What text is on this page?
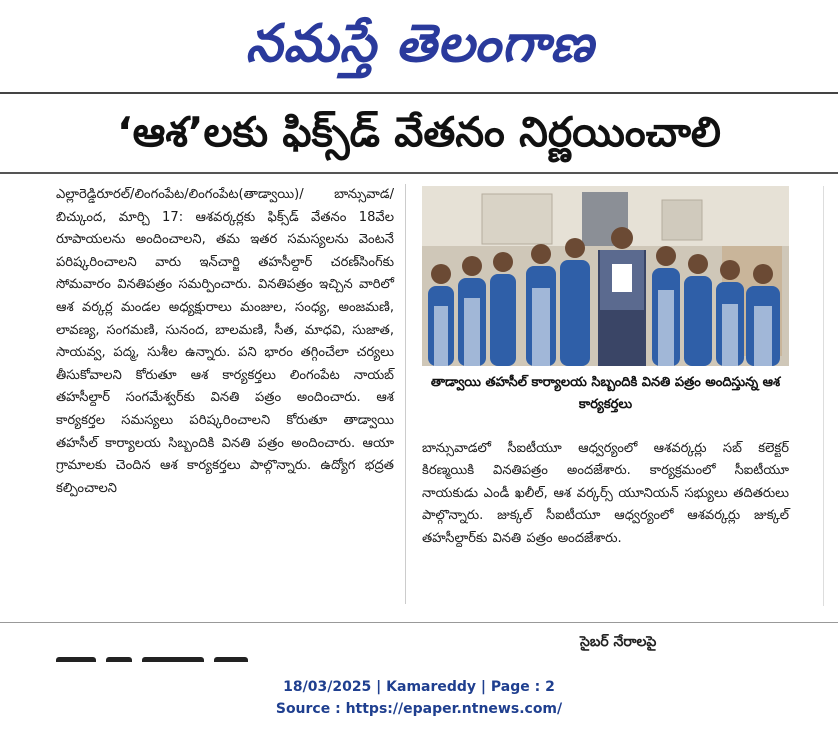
నమస్తే తెలంగాణ
‘ఆశ’లకు ఫిక్స్‌డ్ వేతనం నిర్ణయించాలి

ఎల్లారెడ్డిరూరల్/లింగంపేట/లింగంపేట(తాడ్వాయి)/ బాన్సువాడ/బిచ్కుంద, మార్చి 17: ఆశవర్కర్లకు ఫిక్స్‌డ్ వేతనం 18వేల రూపాయలను అందించాలని, తమ ఇతర సమస్యలను వెంటనే పరిష్కరించాలని వారు ఇన్‌చార్జి తహసీల్దార్ చరణ్‌సింగ్‌కు సోమవారం వినతిపత్రం సమర్పించారు. వినతిపత్రం ఇచ్చిన వారిలో ఆశ వర్కర్ల మండల అధ్యక్షురాలు మంజుల, సంధ్య, అంజమణి, లావణ్య, సంగమణి, సునంద, బాలమణి, సీత, మాధవి, సుజాత, సాయవ్వ, పద్మ, సుశీల ఉన్నారు. పని భారం తగ్గించేలా చర్యలు తీసుకోవాలని కోరుతూ ఆశ కార్యకర్తలు లింగంపేట నాయబ్ తహసీల్దార్ సంగమేశ్వర్‌కు వినతి పత్రం అందించారు. ఆశ కార్యకర్తల సమస్యలు పరిష్కరించాలని కోరుతూ తాడ్వాయి తహసీల్ కార్యాలయ సిబ్బందికి వినతి పత్రం అందించారు. ఆయా గ్రామాలకు చెందిన ఆశ కార్యకర్తలు పాల్గొన్నారు. ఉద్యోగ భద్రత కల్పించాలని

తాడ్వాయి తహసీల్ కార్యాలయ సిబ్బందికి వినతి పత్రం అందిస్తున్న ఆశ కార్యకర్తలు

బాన్సువాడలో సీఐటీయూ ఆధ్వర్యంలో ఆశవర్కర్లు సబ్ కలెక్టర్ కిరణ్మయికి వినతిపత్రం అందజేశారు. కార్యక్రమంలో సీఐటీయూ నాయకుడు ఎండీ ఖలీల్, ఆశ వర్కర్స్ యూనియన్ సభ్యులు తదితరులు పాల్గొన్నారు. జుక్కల్ సీఐటీయూ ఆధ్వర్యంలో ఆశవర్కర్లు జుక్కల్ తహసీల్దార్‌కు వినతి పత్రం అందజేశారు.

సైబర్ నేరాలపై
18/03/2025 | Kamareddy | Page : 2
Source : https://epaper.ntnews.com/
